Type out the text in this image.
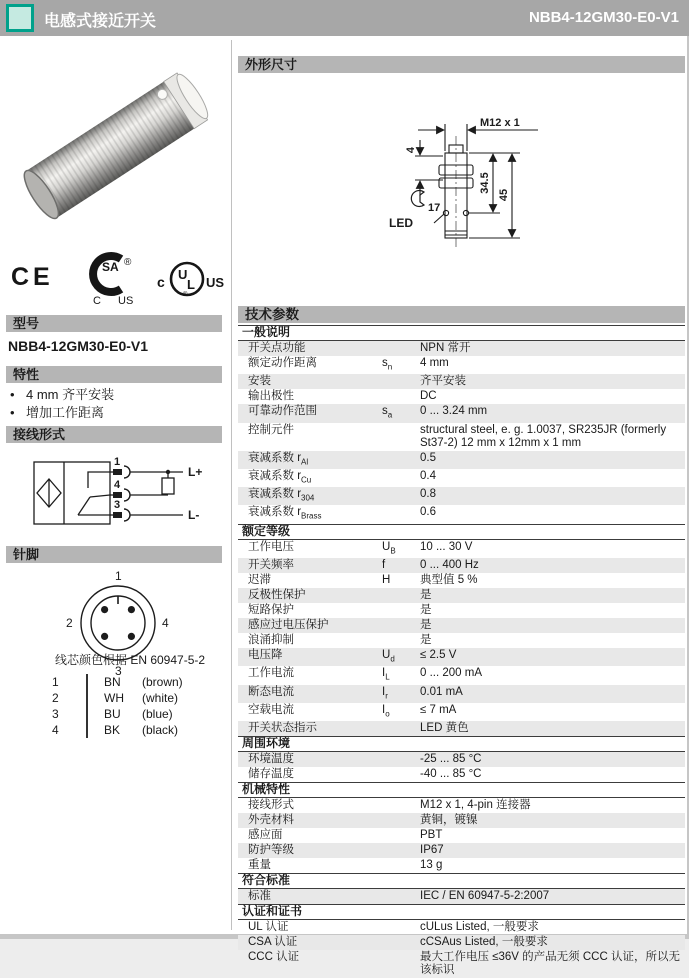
电感式接近开关	NBB4-12GM30-E0-V1
CE	SA ®
C US
c U
L
®
US
型号
NBB4-12GM30-E0-V1
特性
• 4 mm 齐平安装
• 增加工作距离
接线形式
1
4
3
L+
L-
针脚
1
2	4
3
线芯颜色根据 EN 60947-5-2
1	BN	(brown)
2	WH	(white)
3	BU	(blue)
4	BK	(black)
外形尺寸
M12 x 1
4
17
LED
34.5
45
技术参数
一般说明
开关点功能	NPN 常开
额定动作距离	$s_n$	4 mm
安装	齐平安装
输出极性	DC
可靠动作范围	$s_a$	0 ... 3.24 mm
控制元件	structural steel, e. g. 1.0037, SR235JR (formerly St37-2) 12 mm x 12mm x 1 mm
衰减系数 $r_{Al}$	0.5
衰减系数 $r_{Cu}$	0.4
衰减系数 $r_{304}$	0.8
衰减系数 $r_{Brass}$	0.6
额定等级
工作电压	$U_B$	10 ... 30 V
开关频率	f	0 ... 400 Hz
迟滞	H	典型值 5 %
反极性保护	是
短路保护	是
感应过电压保护	是
浪涌抑制	是
电压降	$U_d$	≤ 2.5 V
工作电流	$I_L$	0 ... 200 mA
断态电流	$I_r$	0.01 mA
空载电流	$I_o$	≤ 7 mA
开关状态指示	LED 黄色
周围环境
环境温度	-25 ... 85 °C
储存温度	-40 ... 85 °C
机械特性
接线形式	M12 x 1, 4-pin 连接器
外壳材料	黄铜，镀镍
感应面	PBT
防护等级	IP67
重量	13 g
符合标准
标准	IEC / EN 60947-5-2:2007
认证和证书
UL 认证	cULus Listed, 一般要求
CSA 认证	cCSAus Listed, 一般要求
CCC 认证	最大工作电压 ≤36V 的产品无须 CCC 认证，所以无该标识
